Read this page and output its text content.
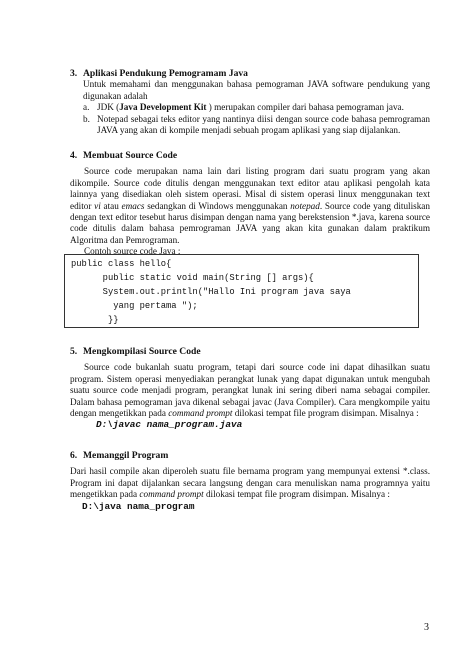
3. Aplikasi Pendukung Pemogramam Java

Untuk memahami dan menggunakan bahasa pemograman JAVA software pendukung yang digunakan adalah

a. JDK (Java Development Kit ) merupakan compiler dari bahasa pemograman java.
b. Notepad sebagai teks editor yang nantinya diisi dengan source code bahasa pemrograman JAVA yang akan di kompile menjadi sebuah progam aplikasi yang siap dijalankan.

4. Membuat Source Code

Source code merupakan nama lain dari listing program dari suatu program yang akan dikompile. Source code ditulis dengan menggunakan text editor atau aplikasi pengolah kata lainnya yang disediakan oleh sistem operasi. Misal di sistem operasi linux menggunakan text editor vi atau emacs sedangkan di Windows menggunakan notepad. Source code yang dituliskan dengan text editor tesebut harus disimpan dengan nama yang berekstension *.java, karena source code ditulis dalam bahasa pemrograman JAVA yang akan kita gunakan dalam praktikum Algoritma dan Pemrograman.

Contoh source code Java :

public class hello{

public static void main(String [] args){

System.out.println("Hallo Ini program java saya

yang pertama ");

}}

5. Mengkompilasi Source Code

Source code bukanlah suatu program, tetapi dari source code ini dapat dihasilkan suatu program. Sistem operasi menyediakan perangkat lunak yang dapat digunakan untuk mengubah suatu source code menjadi program, perangkat lunak ini sering diberi nama sebagai compiler. Dalam bahasa pemograman java dikenal sebagai javac (Java Compiler). Cara mengkompile yaitu dengan mengetikkan pada command prompt dilokasi tempat file program disimpan. Misalnya :

D:\javac nama_program.java

6. Memanggil Program

Dari hasil compile akan diperoleh suatu file bernama program yang mempunyai extensi *.class. Program ini dapat dijalankan secara langsung dengan cara menuliskan nama programnya yaitu mengetikkan pada command prompt dilokasi tempat file program disimpan. Misalnya :

D:\java nama_program

3
